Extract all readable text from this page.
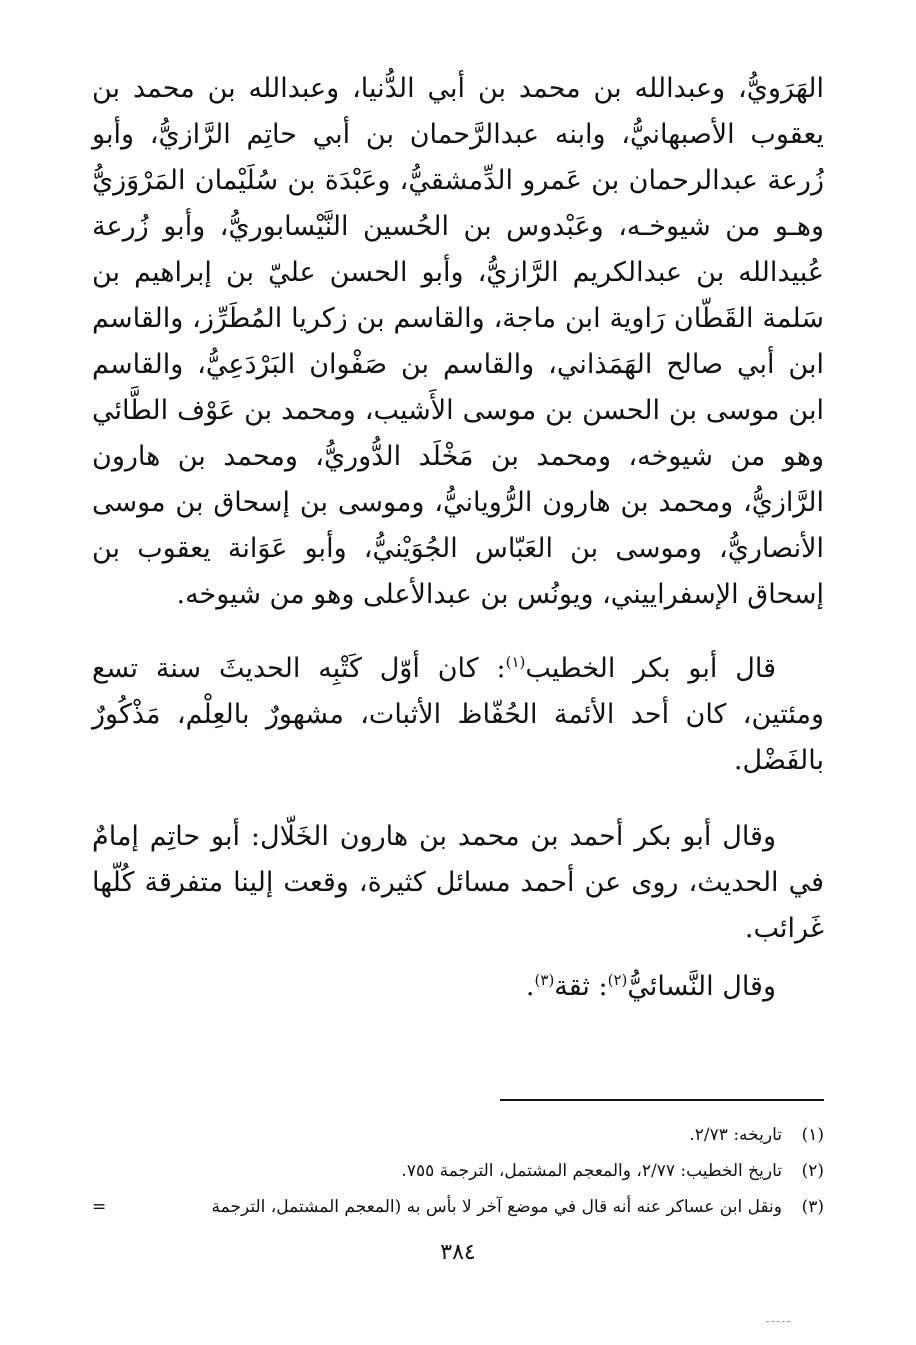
الهَرَويُّ، وعبدالله بن محمد بن أبي الدُّنيا، وعبدالله بن محمد بن يعقوب الأصبهانيُّ، وابنه عبدالرَّحمان بن أبي حاتِم الرَّازيُّ، وأبو زُرعة عبدالرحمان بن عَمرو الدِّمشقيُّ، وعَبْدَة بن سُلَيْمان المَرْوَزيُّ وهـو من شيوخـه، وعَبْدوس بن الحُسين النَّيْسابوريُّ، وأبو زُرعة عُبيدالله بن عبدالكريم الرَّازيُّ، وأبو الحسن عليّ بن إبراهيم بن سَلمة القَطّان رَاوية ابن ماجة، والقاسم بن زكريا المُطَرِّز، والقاسم ابن أبي صالح الهَمَذاني، والقاسم بن صَفْوان البَرْدَعِيُّ، والقاسم ابن موسى بن الحسن بن موسى الأَشيب، ومحمد بن عَوْف الطَّائي وهو من شيوخه، ومحمد بن مَخْلَد الدُّوريُّ، ومحمد بن هارون الرَّازيُّ، ومحمد بن هارون الرُّويانيُّ، وموسى بن إسحاق بن موسى الأنصاريُّ، وموسى بن العَبّاس الجُوَيْنيُّ، وأبو عَوَانة يعقوب بن إسحاق الإسفراييني، ويونُس بن عبدالأعلى وهو من شيوخه.

قال أبو بكر الخطيب$^{(١)}$: كان أوّل كَتْبِه الحديثَ سنة تسع ومئتين، كان أحد الأئمة الحُفّاظ الأثبات، مشهورٌ بالعِلْم، مَذْكُورٌ بالفَضْل.

وقال أبو بكر أحمد بن محمد بن هارون الخَلّال: أبو حاتِم إمامٌ في الحديث، روى عن أحمد مسائل كثيرة، وقعت إلينا متفرقة كُلّها غَرائب.

وقال النَّسائيُّ$^{(٢)}$: ثقة$^{(٣)}$.

(١)
تاريخه: ٢/٧٣.
(٢)
تاريخ الخطيب: ٢/٧٧، والمعجم المشتمل، الترجمة ٧٥٥.
(٣)
ونقل ابن عساكر عنه أنه قال في موضع آخر لا بأس به (المعجم المشتمل، الترجمة
=
٣٨٤
